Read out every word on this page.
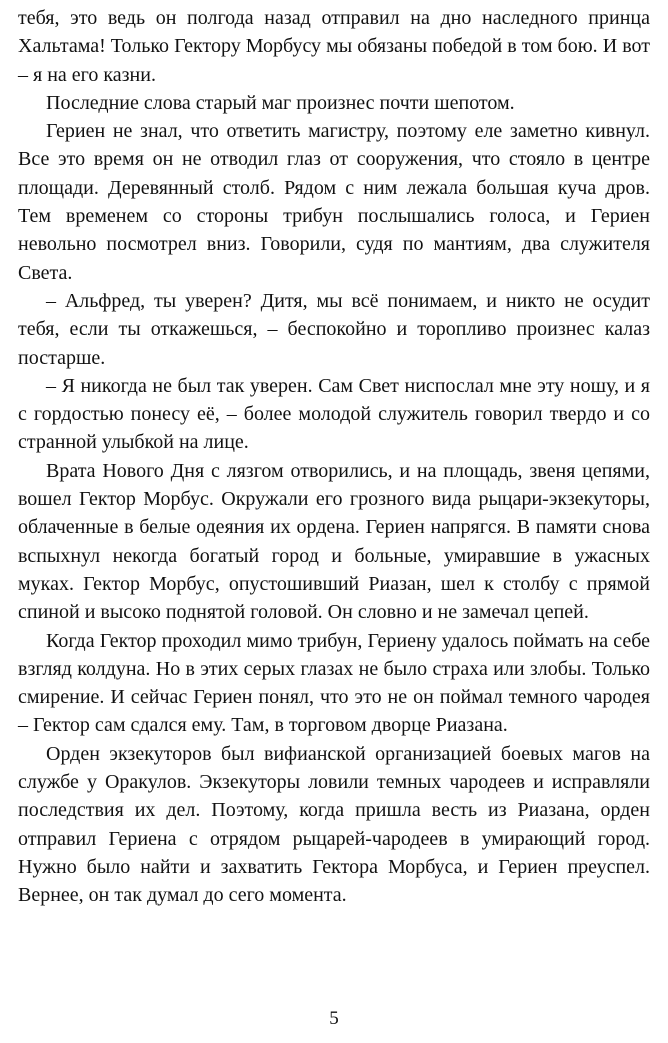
тебя, это ведь он полгода назад отправил на дно наследного принца Хальтама! Только Гектору Морбусу мы обязаны победой в том бою. И вот – я на его казни.

Последние слова старый маг произнес почти шепотом.

Гериен не знал, что ответить магистру, поэтому еле заметно кивнул. Все это время он не отводил глаз от сооружения, что стояло в центре площади. Деревянный столб. Рядом с ним лежала большая куча дров. Тем временем со стороны трибун послышались голоса, и Гериен невольно посмотрел вниз. Говорили, судя по мантиям, два служителя Света.

– Альфред, ты уверен? Дитя, мы всё понимаем, и никто не осудит тебя, если ты откажешься, – беспокойно и торопливо произнес калаз постарше.

– Я никогда не был так уверен. Сам Свет ниспослал мне эту ношу, и я с гордостью понесу её, – более молодой служитель говорил твердо и со странной улыбкой на лице.

Врата Нового Дня с лязгом отворились, и на площадь, звеня цепями, вошел Гектор Морбус. Окружали его грозного вида рыцари-экзекуторы, облаченные в белые одеяния их ордена. Гериен напрягся. В памяти снова вспыхнул некогда богатый город и больные, умиравшие в ужасных муках. Гектор Морбус, опустошивший Риазан, шел к столбу с прямой спиной и высоко поднятой головой. Он словно и не замечал цепей.

Когда Гектор проходил мимо трибун, Гериену удалось поймать на себе взгляд колдуна. Но в этих серых глазах не было страха или злобы. Только смирение. И сейчас Гериен понял, что это не он поймал темного чародея – Гектор сам сдался ему. Там, в торговом дворце Риазана.

Орден экзекуторов был вифианской организацией боевых магов на службе у Оракулов. Экзекуторы ловили темных чародеев и исправляли последствия их дел. Поэтому, когда пришла весть из Риазана, орден отправил Гериена с отрядом рыцарей-чародеев в умирающий город. Нужно было найти и захватить Гектора Морбуса, и Гериен преуспел. Вернее, он так думал до сего момента.

5
